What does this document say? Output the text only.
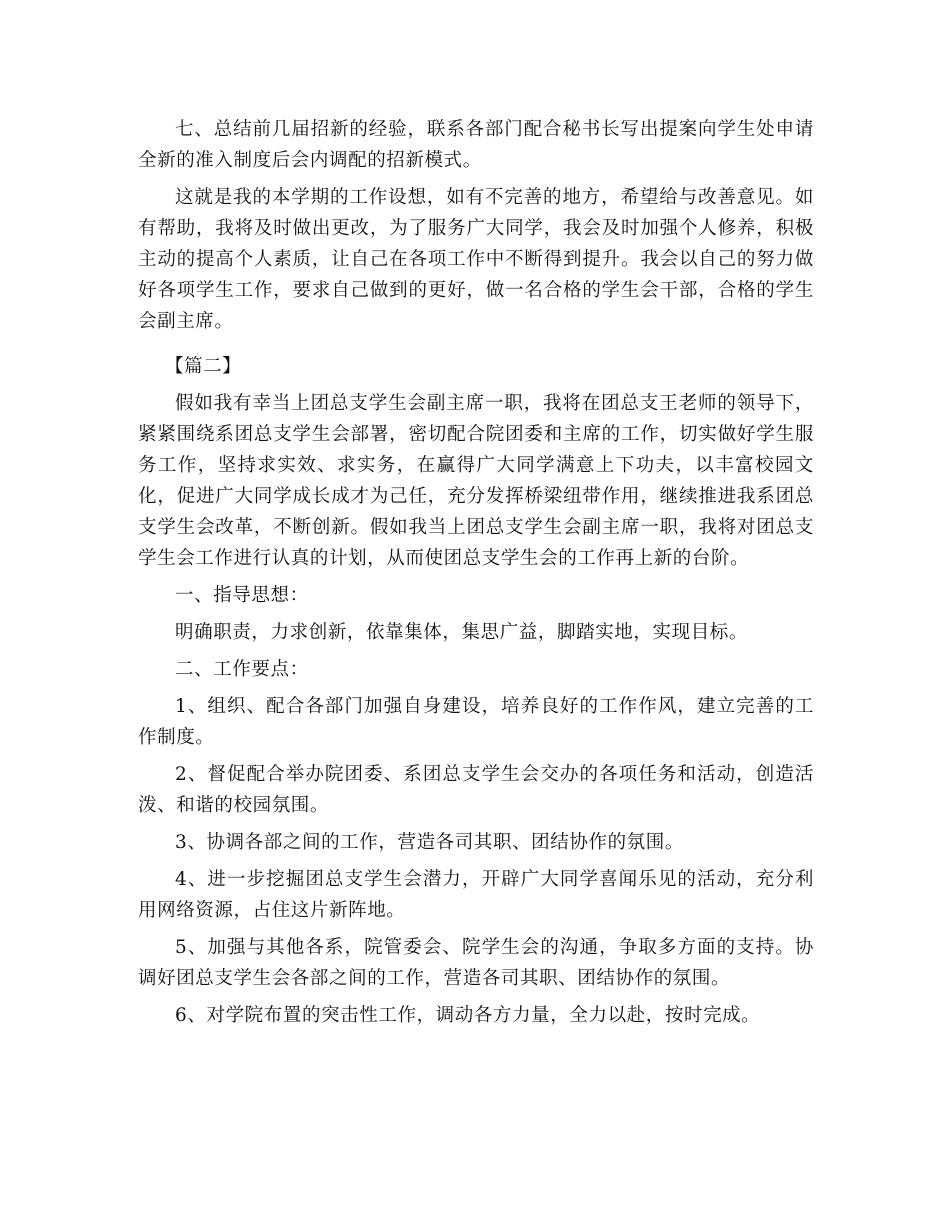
七、总结前几届招新的经验，联系各部门配合秘书长写出提案向学生处申请全新的准入制度后会内调配的招新模式。

这就是我的本学期的工作设想，如有不完善的地方，希望给与改善意见。如有帮助，我将及时做出更改，为了服务广大同学，我会及时加强个人修养，积极主动的提高个人素质，让自己在各项工作中不断得到提升。我会以自己的努力做好各项学生工作，要求自己做到的更好，做一名合格的学生会干部，合格的学生会副主席。

【篇二】

假如我有幸当上团总支学生会副主席一职，我将在团总支王老师的领导下，紧紧围绕系团总支学生会部署，密切配合院团委和主席的工作，切实做好学生服务工作，坚持求实效、求实务，在赢得广大同学满意上下功夫，以丰富校园文化，促进广大同学成长成才为己任，充分发挥桥梁纽带作用，继续推进我系团总支学生会改革，不断创新。假如我当上团总支学生会副主席一职，我将对团总支学生会工作进行认真的计划，从而使团总支学生会的工作再上新的台阶。

一、指导思想：

明确职责，力求创新，依靠集体，集思广益，脚踏实地，实现目标。

二、工作要点：

1、组织、配合各部门加强自身建设，培养良好的工作作风，建立完善的工作制度。

2、督促配合举办院团委、系团总支学生会交办的各项任务和活动，创造活泼、和谐的校园氛围。

3、协调各部之间的工作，营造各司其职、团结协作的氛围。

4、进一步挖掘团总支学生会潜力，开辟广大同学喜闻乐见的活动，充分利用网络资源，占住这片新阵地。

5、加强与其他各系，院管委会、院学生会的沟通，争取多方面的支持。协调好团总支学生会各部之间的工作，营造各司其职、团结协作的氛围。

6、对学院布置的突击性工作，调动各方力量，全力以赴，按时完成。
